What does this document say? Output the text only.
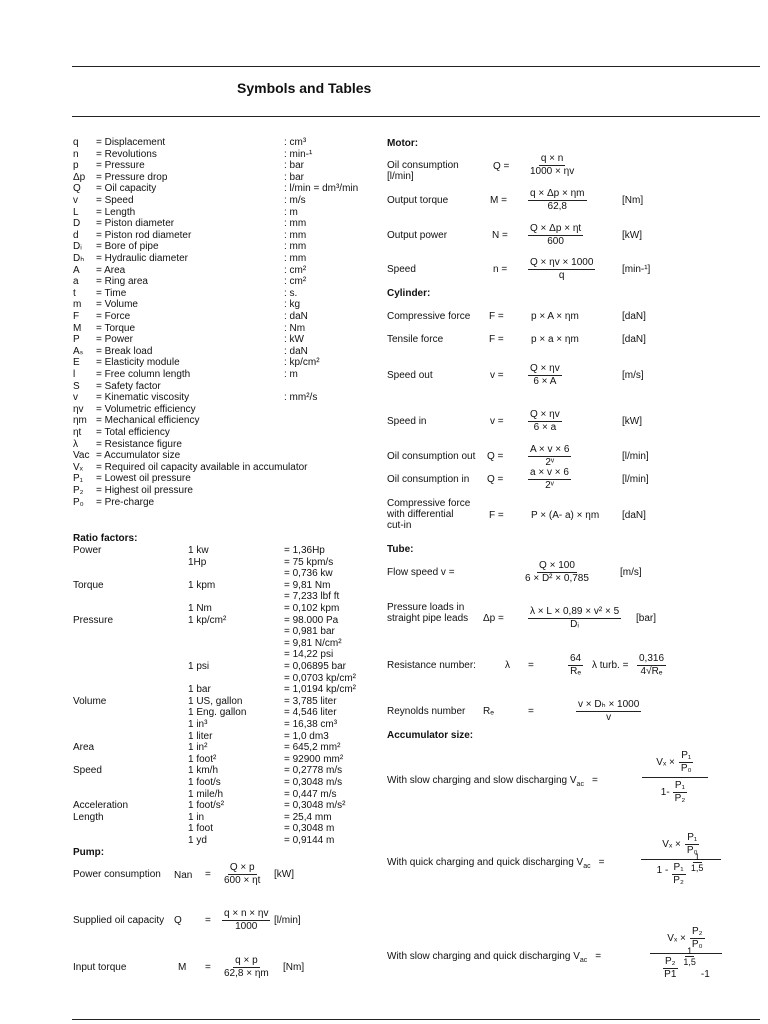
Symbols and Tables
q = Displacement	: cm³
n = Revolutions	: min-¹
p = Pressure	: bar
Δp = Pressure drop	: bar
Q = Oil capacity	: l/min = dm³/min
v = Speed	: m/s
L = Length	: m
D = Piston diameter	: mm
d = Piston rod diameter	: mm
Dᵢ = Bore of pipe	: mm
Dₕ = Hydraulic diameter	: mm
A = Area	: cm²
a = Ring area	: cm²
t = Time	: s.
m = Volume	: kg
F = Force	: daN
M = Torque	: Nm
P = Power	: kW
Aₛ = Break load	: daN
E = Elasticity module	: kp/cm²
l = Free column length	: m
S = Safety factor
v = Kinematic viscosity	: mm²/s
ηv = Volumetric efficiency
ηm = Mechanical efficiency
ηt = Total efficiency
λ = Resistance figure
Vac = Accumulator size
Vₓ = Required oil capacity available in accumulator
P₁ = Lowest oil pressure
P₂ = Highest oil pressure
P₀ = Pre-charge
Ratio factors:
Power	1 kw	= 1,36Hp
1Hp	= 75 kpm/s
= 0,736 kw
Torque	1 kpm	= 9,81 Nm
= 7,233 lbf ft
1 Nm	= 0,102 kpm
Pressure	1 kp/cm²	= 98.000 Pa
= 0,981 bar
= 9,81 N/cm²
= 14,22 psi
1 psi	= 0,06895 bar
= 0,0703 kp/cm²
1 bar	= 1,0194 kp/cm²
Volume	1 US, gallon	= 3,785 liter
1 Eng. gallon	= 4,546 liter
1 in³	= 16,38 cm³
1 liter	= 1,0 dm3
Area	1 in²	= 645,2 mm²
1 foot²	= 92900 mm²
Speed	1 km/h	= 0,2778 m/s
1 foot/s	= 0,3048 m/s
1 mile/h	= 0,447 m/s
Acceleration	1 foot/s²	= 0,3048 m/s²
Length	1 in	= 25,4 mm
1 foot	= 0,3048 m
1 yd	= 0,9144 m
Pump:
Power consumption Nan = $\frac{Q \times p}{600 \times \eta t} [kW]$
Supplied oil capacity $Q = \frac{q \times n \times \eta v}{1000} [l/\min]$
Input torque	$M = \frac{q \times p}{62,8 \times \eta m} [Nm]$
Motor:
Oil consumption
[l/min]
$Q = \frac{q \times n}{1000 \times \eta v}$
Output torque	$M = \frac{q \times \Delta p \times \eta m}{62,8}$	[Nm]
Output power	$N = \frac{Q \times \Delta p \times \eta t}{600}$	[kW]
Speed	$n = \frac{Q \times \eta v \times 1000}{q}$	[min-¹]
Cylinder:
Compressive force F =	p × A × ηm	[daN]
Tensile force	F =	p × a × ηm	[daN]
Speed out	$v = \frac{Q \times \eta v}{6 \times A}$	[m/s]
Speed in	$v = \frac{Q \times \eta v}{6 \times a}$	[kW]
Oil consumption out $Q = \frac{A \times v \times 6}{\text{2ᵛ}}$	[l/min]
Oil consumption in $Q = \frac{a \times v \times 6}{\text{2ᵛ}}$	[l/min]
Compressive force
with differential
cut-in
F =	P × (A- a) × ηm [daN]
Tube:
Flow speed v =	$\frac{Q \times 100}{\text{6 × D² × 0,785}}$	[m/s]
Pressure loads in
straight pipe leads $\Delta p = \frac{\text{λ × L × 0,89 × v² × 5}}{\text{Dᵢ}} [bar]$
Resistance number:	λ =	$\frac{64}{\text{Rₑ}}$ λ turb. = $\frac{0,316}{\text{4√Rₑ}}$
Reynolds number Rₑ	=	$\frac{\text{v × Dₕ × 1000}}{v}$
Accumulator size:
With slow charging and slow discharging $V_{ac}$ =
$V_x \times \frac{\text{P₁}}{\text{P₀}}$
$1- \frac{\text{P₁}}{\text{P₂}}$
With quick charging and quick discharging $V_{ac}$ =
$V_x \times \frac{\text{P₁}}{\text{P₀}}$
$1 - \frac{\text{P₁}}{\text{P₂}} \frac{1}{1,5}$
With slow charging and quick discharging $V_{ac}$ =
$V_x \times \frac{\text{P₂}}{\text{P₀}}$
$\frac{\text{P₂}}{P1} \frac{1}{1,5}$
-1
